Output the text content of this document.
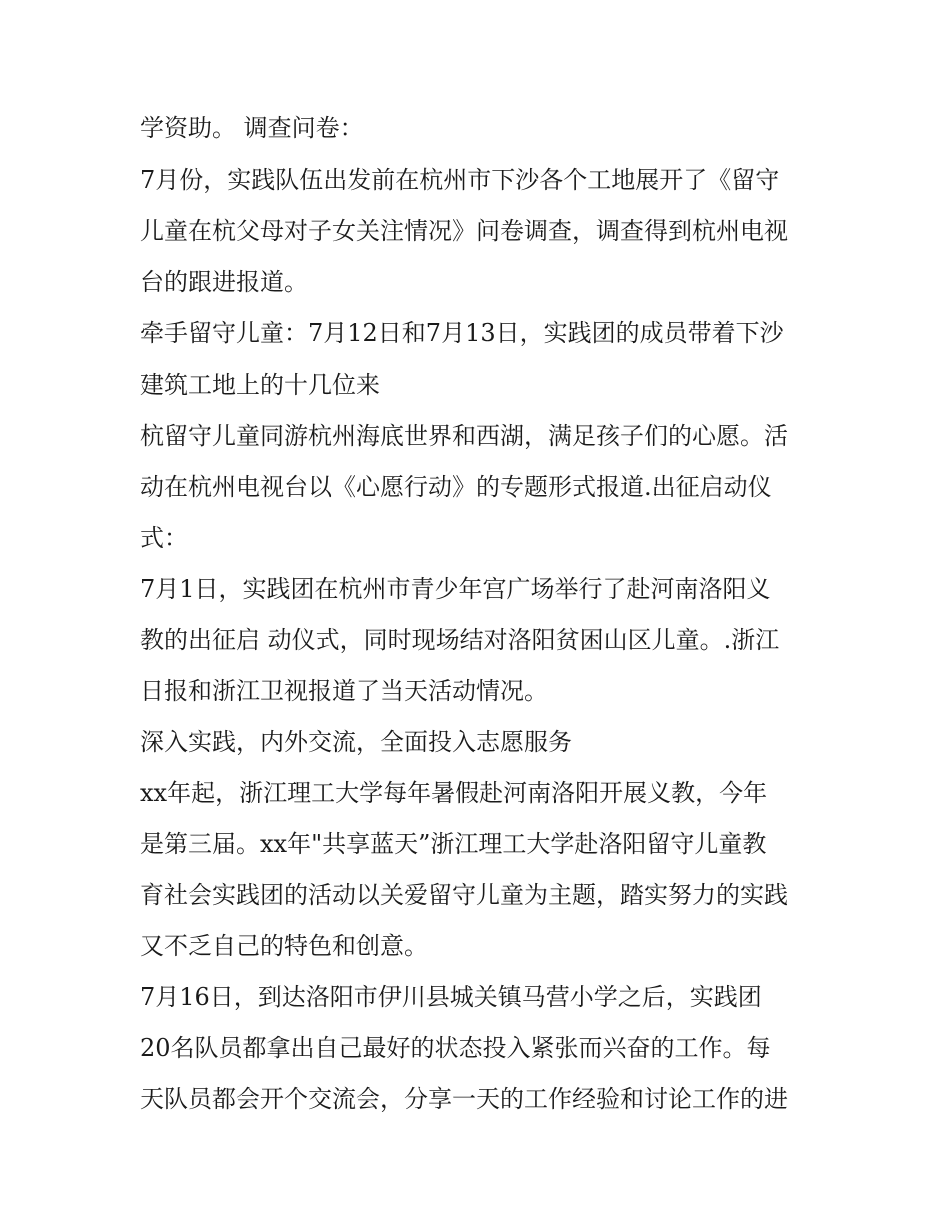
学资助。 调查问卷：
7月份，实践队伍出发前在杭州市下沙各个工地展开了《留守
儿童在杭父母对子女关注情况》问卷调查，调查得到杭州电视
台的跟进报道。
牵手留守儿童：7月12日和7月13日，实践团的成员带着下沙
建筑工地上的十几位来
杭留守儿童同游杭州海底世界和西湖，满足孩子们的心愿。活
动在杭州电视台以《心愿行动》的专题形式报道.出征启动仪
式：
7月1日，实践团在杭州市青少年宫广场举行了赴河南洛阳义
教的出征启 动仪式，同时现场结对洛阳贫困山区儿童。.浙江
日报和浙江卫视报道了当天活动情况。
深入实践，内外交流，全面投入志愿服务
xx年起，浙江理工大学每年暑假赴河南洛阳开展义教，今年
是第三届。xx年"共享蓝天”浙江理工大学赴洛阳留守儿童教
育社会实践团的活动以关爱留守儿童为主题，踏实努力的实践
又不乏自己的特色和创意。
7月16日，到达洛阳市伊川县城关镇马营小学之后，实践团
20名队员都拿出自己最好的状态投入紧张而兴奋的工作。每
天队员都会开个交流会，分享一天的工作经验和讨论工作的进
